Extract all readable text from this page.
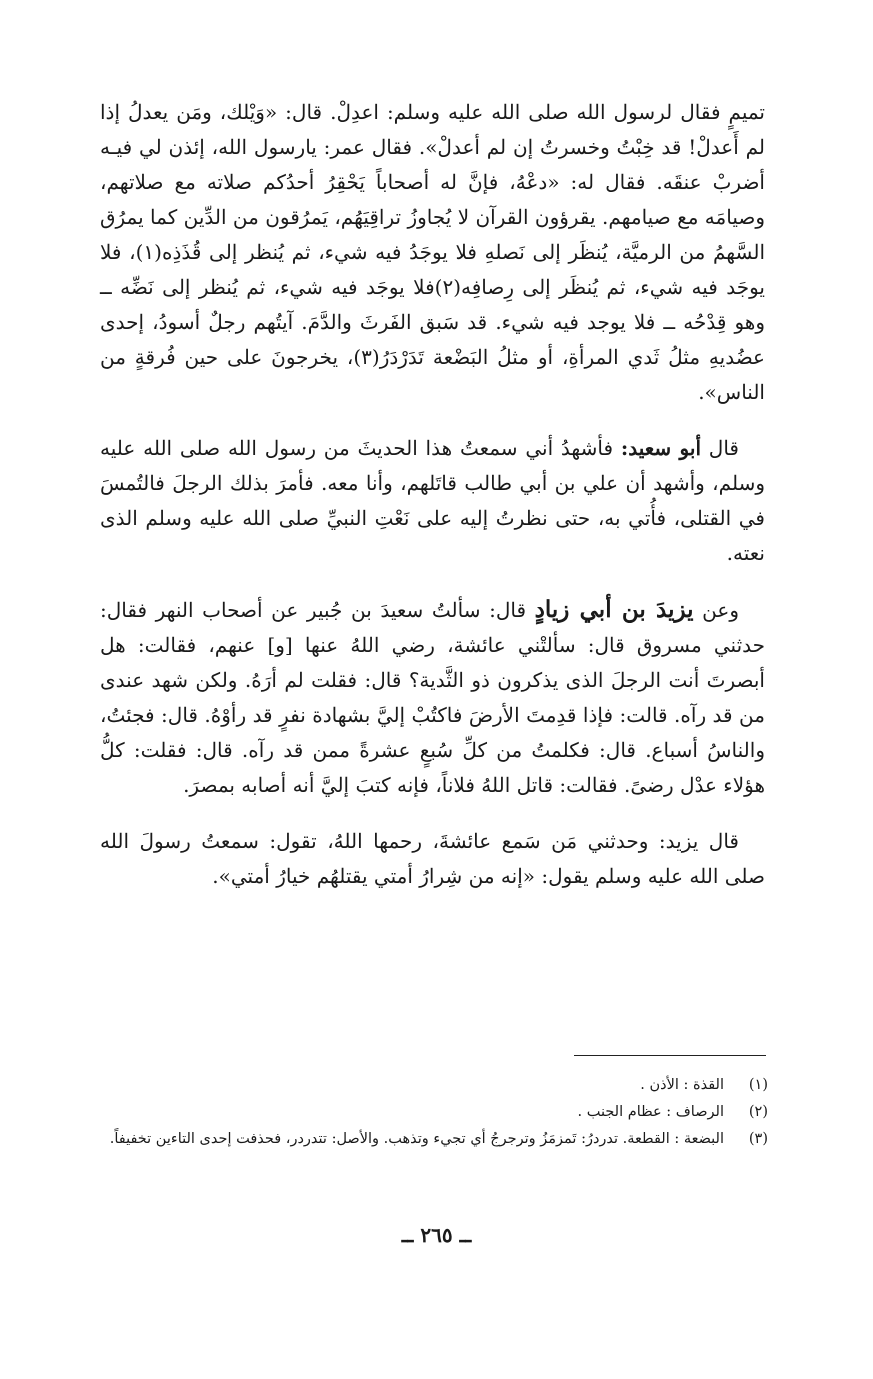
تميمٍ فقال لرسول الله صلى الله عليه وسلم: اعدِلْ. قال: «وَيْلك، ومَن يعدلُ إذا لم أَعدلْ! قد خِبْتُ وخسرتُ إن لم أعدلْ». فقال عمر: يارسول الله، إئذن لي فيـه أضربْ عنقَه. فقال له: «دعْهُ، فإنَّ له أصحاباً يَحْقِرُ أحدُكم صلاته مع صلاتهم، وصيامَه مع صيامهم. يقرؤون القرآن لا يُجاوزُ تراقِيَهُم، يَمرُقون من الدِّين كما يمرُق السَّهمُ من الرميَّة، يُنظَر إلى نَصلهِ فلا يوجَدُ فيه شيء، ثم يُنظر إلى قُذَذِه(١)، فلا يوجَد فيه شيء، ثم يُنظَر إلى رِصافِه(٢)فلا يوجَد فيه شيء، ثم يُنظر إلى نَضِّه ــ وهو قِدْحُه ــ فلا يوجد فيه شيء. قد سَبق الفَرثَ والدَّمَ. آيتُهم رجلٌ أسودُ، إحدى عضُديهِ مثلُ ثَدي المرأةِ، أو مثلُ البَضْعة تَدَرْدَرُ(٣)، يخرجونَ على حين فُرقةٍ من الناس».

قال أبو سعيد: فأشهدُ أني سمعتُ هذا الحديثَ من رسول الله صلى الله عليه وسلم، وأشهد أن علي بن أبي طالب قاتَلهم، وأنا معه. فأمرَ بذلك الرجلَ فالتُمسَ في القتلى، فأُتي به، حتى نظرتُ إليه على نَعْتِ النبيِّ صلى الله عليه وسلم الذى نعته.

وعن يزيدَ بن أبي زيادٍ قال: سألتُ سعيدَ بن جُبير عن أصحاب النهر فقال: حدثني مسروق قال: سألتْني عائشة، رضي اللهُ عنها [و] عنهم، فقالت: هل أبصرتَ أنت الرجلَ الذى يذكرون ذو الثَّدية؟ قال: فقلت لم أرَهُ. ولكن شهد عندى من قد رآه. قالت: فإذا قدِمتَ الأرضَ فاكتُبْ إليَّ بشهادة نفرٍ قد رأوْهُ. قال: فجئتُ، والناسُ أسباع. قال: فكلمتُ من كلِّ سُبعٍ عشرةً ممن قد رآه. قال: فقلت: كلُّ هؤلاء عدْل رضىً. فقالت: قاتل اللهُ فلاناً، فإنه كتبَ إليَّ أنه أصابه بمصرَ.

قال يزيد: وحدثني مَن سَمع عائشةَ، رحمها اللهُ، تقول: سمعتُ رسولَ الله صلى الله عليه وسلم يقول: «إنه من شِرارُ أمتي يقتلهُم خيارُ أمتي».

(١)
القذة : الأذن .
(٢)
الرصاف : عظام الجنب .
(٣)
البضعة : القطعة. تدردرُ: تَمزمَزُ وترجرجُ أي تجيء وتذهب. والأصل: تتدردر، فحذفت إحدى التاءين تخفيفاً.
ــ ٢٦٥ ــ
